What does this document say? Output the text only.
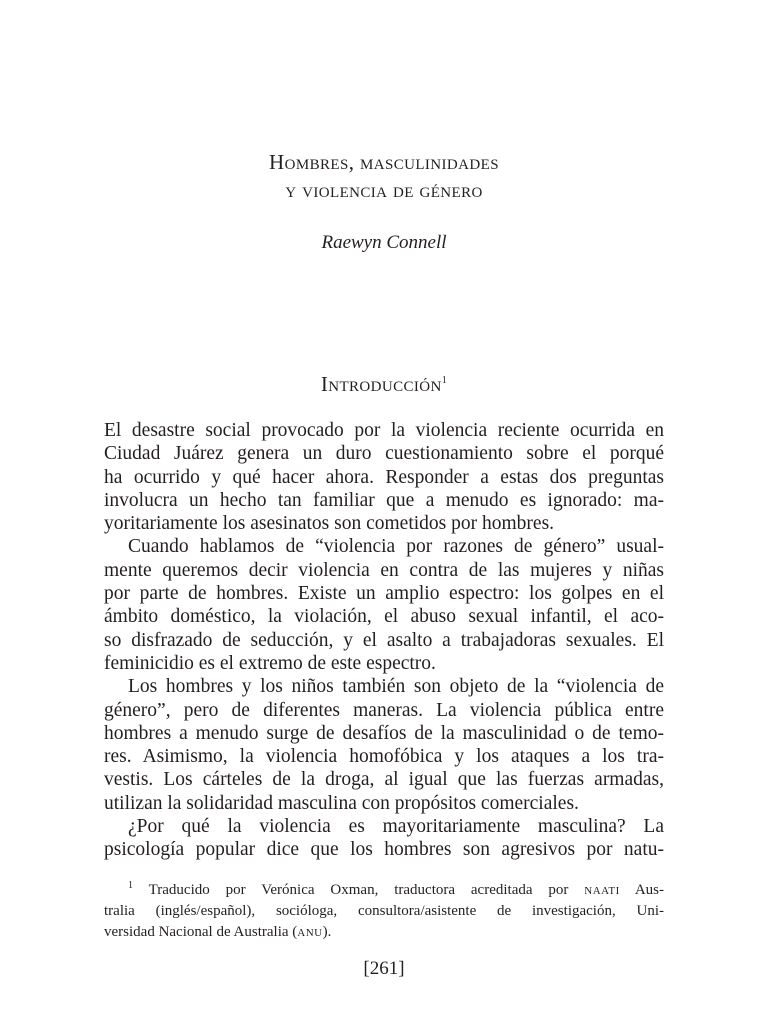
Hombres, masculinidades
y violencia de género

Raewyn Connell

Introducción$^1$

El desastre social provocado por la violencia reciente ocurrida en
Ciudad Juárez genera un duro cuestionamiento sobre el porqué
ha ocurrido y qué hacer ahora. Responder a estas dos preguntas
involucra un hecho tan familiar que a menudo es ignorado: ma-
yoritariamente los asesinatos son cometidos por hombres.

Cuando hablamos de “violencia por razones de género” usual-
mente queremos decir violencia en contra de las mujeres y niñas
por parte de hombres. Existe un amplio espectro: los golpes en el
ámbito doméstico, la violación, el abuso sexual infantil, el aco-
so disfrazado de seducción, y el asalto a trabajadoras sexuales. El
feminicidio es el extremo de este espectro.

Los hombres y los niños también son objeto de la “violencia de
género”, pero de diferentes maneras. La violencia pública entre
hombres a menudo surge de desafíos de la masculinidad o de temo-
res. Asimismo, la violencia homofóbica y los ataques a los tra-
vestis. Los cárteles de la droga, al igual que las fuerzas armadas,
utilizan la solidaridad masculina con propósitos comerciales.

¿Por qué la violencia es mayoritariamente masculina? La
psicología popular dice que los hombres son agresivos por natu-

$^1$ Traducido por Verónica Oxman, traductora acreditada por naati Aus-
tralia (inglés/español), socióloga, consultora/asistente de investigación, Uni-
versidad Nacional de Australia (anu).

[261]
